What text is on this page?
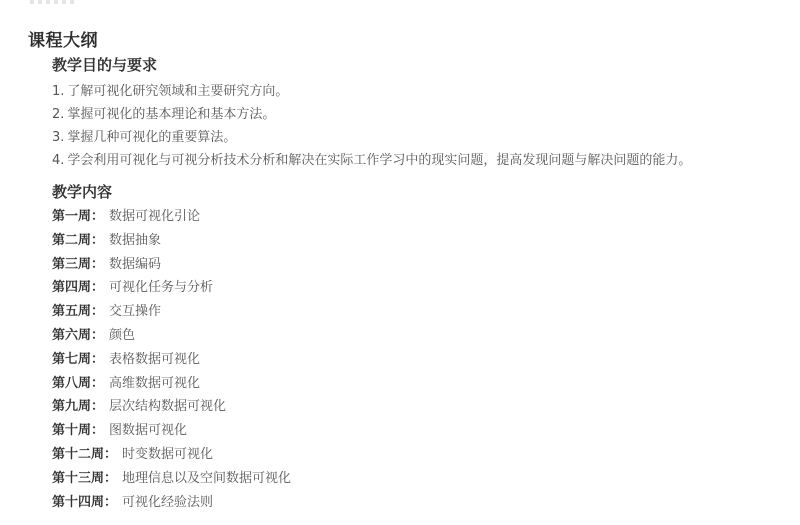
课程大纲
教学目的与要求
1. 了解可视化研究领域和主要研究方向。
2. 掌握可视化的基本理论和基本方法。
3. 掌握几种可视化的重要算法。
4. 学会利用可视化与可视分析技术分析和解决在实际工作学习中的现实问题，提高发现问题与解决问题的能力。
教学内容
第一周： 数据可视化引论
第二周： 数据抽象
第三周： 数据编码
第四周： 可视化任务与分析
第五周： 交互操作
第六周： 颜色
第七周： 表格数据可视化
第八周： 高维数据可视化
第九周： 层次结构数据可视化
第十周： 图数据可视化
第十二周： 时变数据可视化
第十三周： 地理信息以及空间数据可视化
第十四周： 可视化经验法则
